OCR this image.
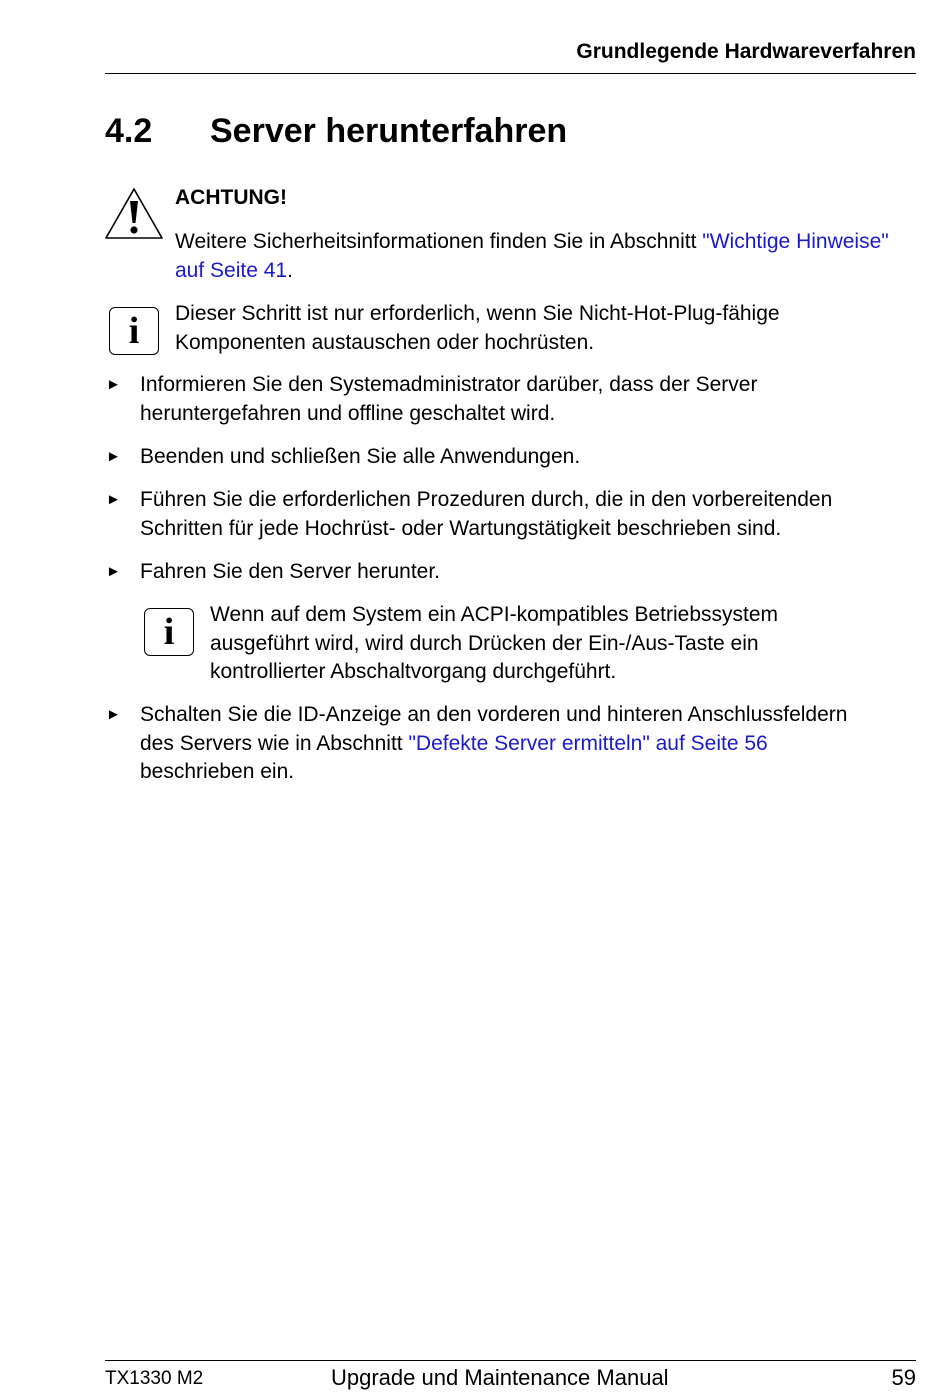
Grundlegende Hardwareverfahren
4.2 Server herunterfahren
ACHTUNG!
Weitere Sicherheitsinformationen finden Sie in Abschnitt "Wichtige Hinweise" auf Seite 41.
i Dieser Schritt ist nur erforderlich, wenn Sie Nicht-Hot-Plug-fähige
Komponenten austauschen oder hochrüsten.
► Informieren Sie den Systemadministrator darüber, dass der Server
heruntergefahren und offline geschaltet wird.
► Beenden und schließen Sie alle Anwendungen.
► Führen Sie die erforderlichen Prozeduren durch, die in den vorbereitenden
Schritten für jede Hochrüst- oder Wartungstätigkeit beschrieben sind.
► Fahren Sie den Server herunter.
i Wenn auf dem System ein ACPI-kompatibles Betriebssystem
ausgeführt wird, wird durch Drücken der Ein-/Aus-Taste ein
kontrollierter Abschaltvorgang durchgeführt.
► Schalten Sie die ID-Anzeige an den vorderen und hinteren Anschlussfeldern
des Servers wie in Abschnitt "Defekte Server ermitteln" auf Seite 56
beschrieben ein.
TX1330 M2	Upgrade und Maintenance Manual	59
